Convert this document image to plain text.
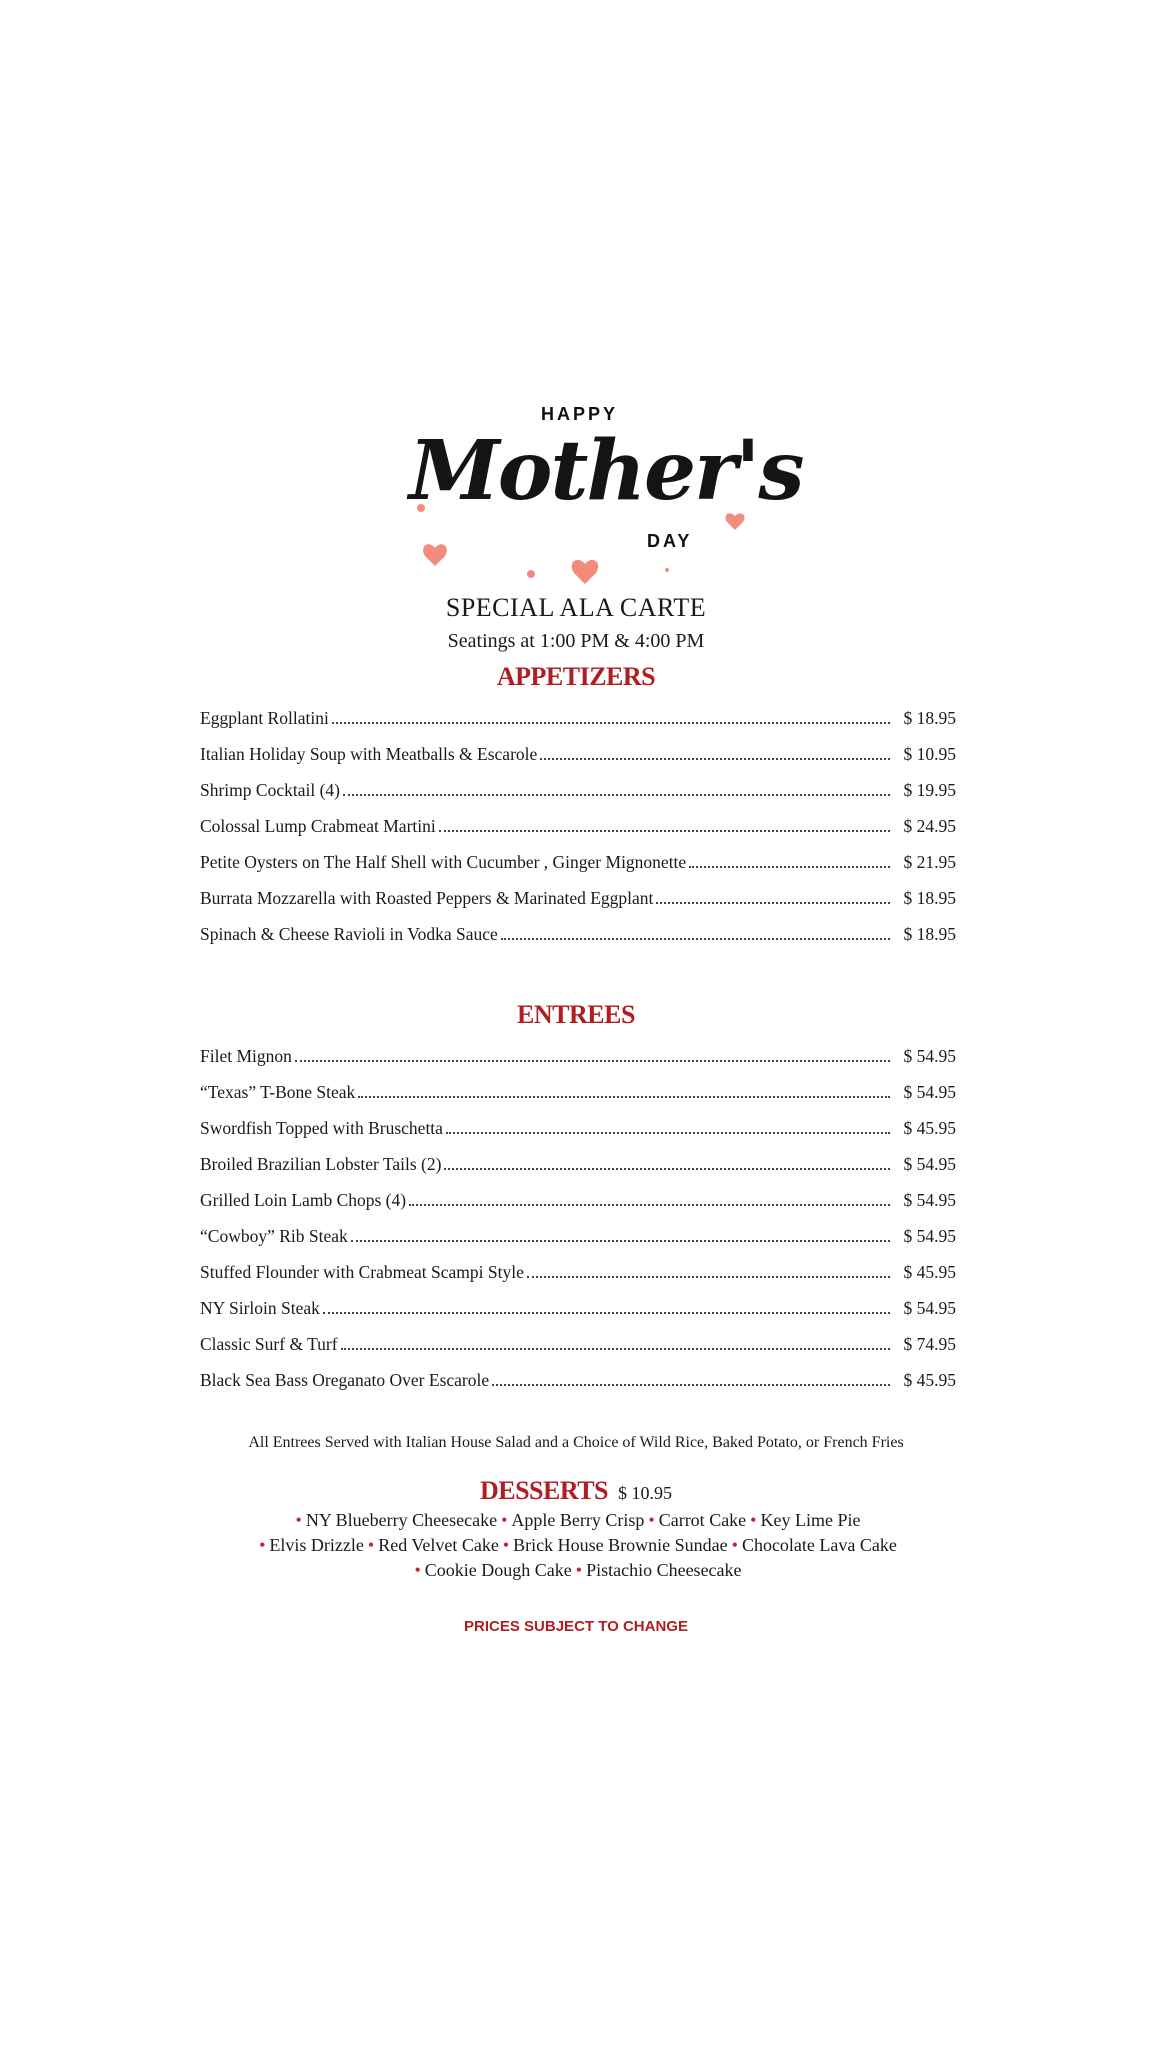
HAPPY
Mother's
DAY
SPECIAL ALA CARTE
Seatings at 1:00 PM & 4:00 PM
APPETIZERS
Eggplant Rollatini	$ 18.95
Italian Holiday Soup with Meatballs & Escarole	$ 10.95
Shrimp Cocktail (4)	$ 19.95
Colossal Lump Crabmeat Martini	$ 24.95
Petite Oysters on The Half Shell with Cucumber , Ginger Mignonette	$ 21.95
Burrata Mozzarella with Roasted Peppers & Marinated Eggplant	$ 18.95
Spinach & Cheese Ravioli in Vodka Sauce	$ 18.95
ENTREES
Filet Mignon	$ 54.95
“Texas” T-Bone Steak	$ 54.95
Swordfish Topped with Bruschetta	$ 45.95
Broiled Brazilian Lobster Tails (2)	$ 54.95
Grilled Loin Lamb Chops (4)	$ 54.95
“Cowboy” Rib Steak	$ 54.95
Stuffed Flounder with Crabmeat Scampi Style	$ 45.95
NY Sirloin Steak	$ 54.95
Classic Surf & Turf	$ 74.95
Black Sea Bass Oreganato Over Escarole	$ 45.95
All Entrees Served with Italian House Salad and a Choice of Wild Rice, Baked Potato, or French Fries
DESSERTS $ 10.95
• NY Blueberry Cheesecake • Apple Berry Crisp • Carrot Cake • Key Lime Pie
• Elvis Drizzle • Red Velvet Cake • Brick House Brownie Sundae • Chocolate Lava Cake
• Cookie Dough Cake • Pistachio Cheesecake
PRICES SUBJECT TO CHANGE
